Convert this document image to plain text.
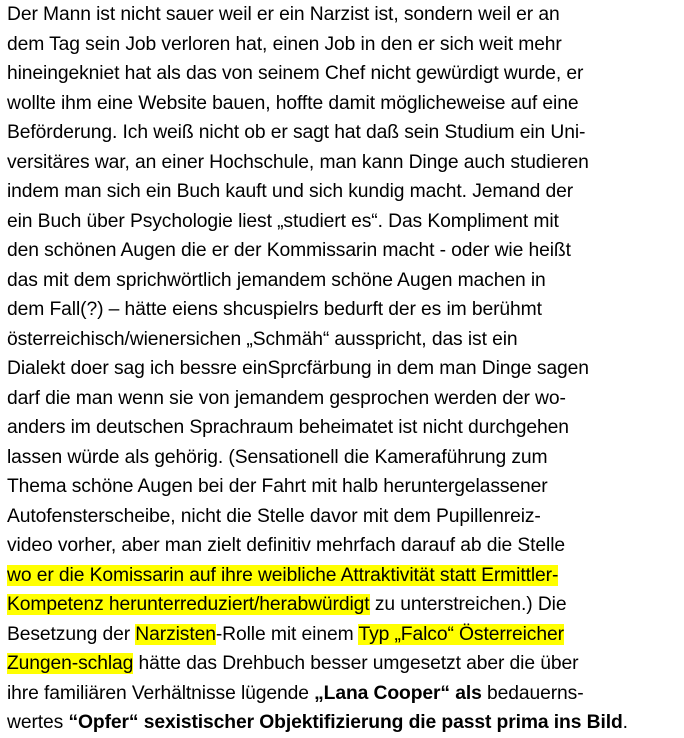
Der Mann ist nicht sauer weil er ein Narzist ist, sondern weil er an
dem Tag sein Job verloren hat, einen Job in den er sich weit mehr
hineingekniet hat als das von seinem Chef nicht gewürdigt wurde, er
wollte ihm eine Website bauen, hoffte damit möglicheweise auf eine
Beförderung. Ich weiß nicht ob er sagt hat daß sein Studium ein Uni-
versitäres war, an einer Hochschule, man kann Dinge auch studieren
indem man sich ein Buch kauft und sich kundig macht. Jemand der
ein Buch über Psychologie liest „studiert es“. Das Kompliment mit
den schönen Augen die er der Kommissarin macht - oder wie heißt
das mit dem sprichwörtlich jemandem schöne Augen machen in
dem Fall(?) – hätte eiens shcuspielrs bedurft der es im berühmt
österreichisch/wienersichen „Schmäh“ ausspricht, das ist ein
Dialekt doer sag ich bessre einSprcfärbung in dem man Dinge sagen
darf die man wenn sie von jemandem gesprochen werden der wo-
anders im deutschen Sprachraum beheimatet ist nicht durchgehen
lassen würde als gehörig. (Sensationell die Kameraführung zum
Thema schöne Augen bei der Fahrt mit halb heruntergelassener
Autofensterscheibe, nicht die Stelle davor mit dem Pupillenreiz-
video vorher, aber man zielt definitiv mehrfach darauf ab die Stelle
wo er die Komissarin auf ihre weibliche Attraktivität statt Ermittler-
Kompetenz herunterreduziert/herabwürdigt zu unterstreichen.) Die
Besetzung der Narzisten-Rolle mit einem Typ „Falco“ Österreicher
Zungen-schlag hätte das Drehbuch besser umgesetzt aber die über
ihre familiären Verhältnisse lügende „Lana Cooper“ als bedauerns-
wertes “Opfer“ sexistischer Objektifizierung die passt prima ins Bild.
